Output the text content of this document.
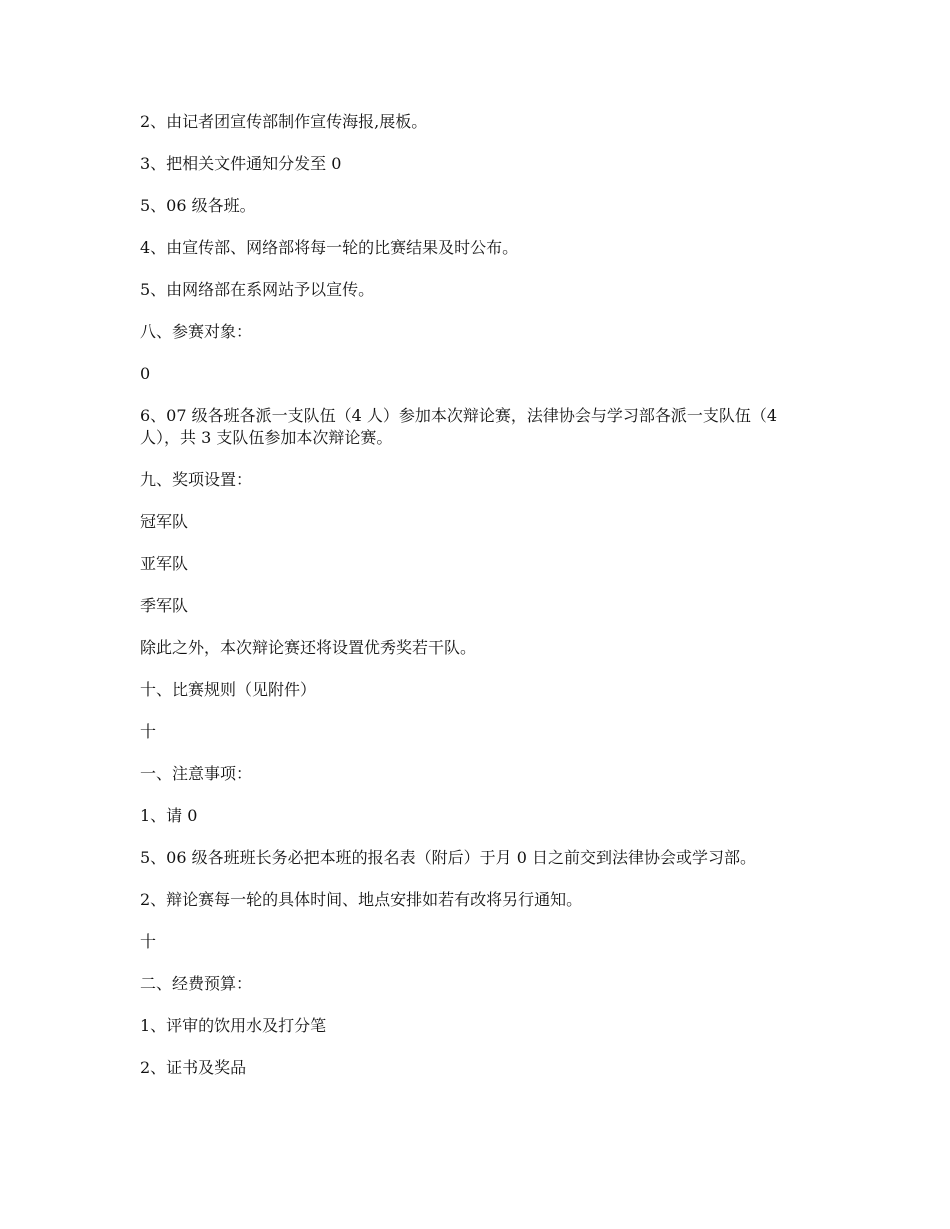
2、由记者团宣传部制作宣传海报,展板。

3、把相关文件通知分发至 0

5、06 级各班。

4、由宣传部、网络部将每一轮的比赛结果及时公布。

5、由网络部在系网站予以宣传。

八、参赛对象：

0

6、07 级各班各派一支队伍（4 人）参加本次辩论赛，法律协会与学习部各派一支队伍（4 人），共 3 支队伍参加本次辩论赛。

九、奖项设置：

冠军队

亚军队

季军队

除此之外，本次辩论赛还将设置优秀奖若干队。

十、比赛规则（见附件）

十

一、注意事项：

1、请 0

5、06 级各班班长务必把本班的报名表（附后）于月 0 日之前交到法律协会或学习部。

2、辩论赛每一轮的具体时间、地点安排如若有改将另行通知。

十

二、经费预算：

1、评审的饮用水及打分笔

2、证书及奖品
